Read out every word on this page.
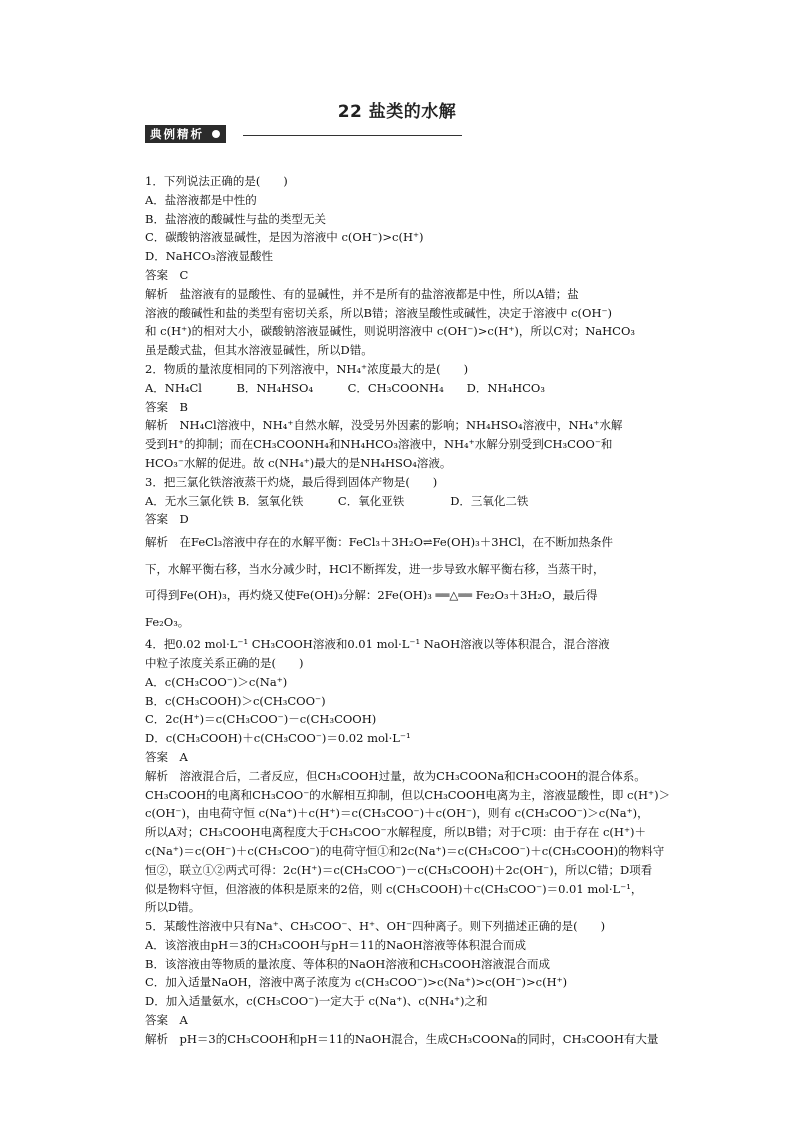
22 盐类的水解
典例精析
1．下列说法正确的是(　　)
A．盐溶液都是中性的
B．盐溶液的酸碱性与盐的类型无关
C．碳酸钠溶液显碱性，是因为溶液中 c(OH⁻)>c(H⁺)
D．NaHCO₃溶液显酸性
答案　C
解析　盐溶液有的显酸性、有的显碱性，并不是所有的盐溶液都是中性，所以A错；盐
溶液的酸碱性和盐的类型有密切关系，所以B错；溶液呈酸性或碱性，决定于溶液中 c(OH⁻)
和 c(H⁺)的相对大小，碳酸钠溶液显碱性，则说明溶液中 c(OH⁻)>c(H⁺)，所以C对；NaHCO₃
虽是酸式盐，但其水溶液显碱性，所以D错。
2．物质的量浓度相同的下列溶液中，NH₄⁺浓度最大的是(　　)
A．NH₄Cl　　　B．NH₄HSO₄　　　C．CH₃COONH₄　　D．NH₄HCO₃
答案　B
解析　NH₄Cl溶液中，NH₄⁺自然水解，没受另外因素的影响；NH₄HSO₄溶液中，NH₄⁺水解
受到H⁺的抑制；而在CH₃COONH₄和NH₄HCO₃溶液中，NH₄⁺水解分别受到CH₃COO⁻和
HCO₃⁻水解的促进。故 c(NH₄⁺)最大的是NH₄HSO₄溶液。
3．把三氯化铁溶液蒸干灼烧，最后得到固体产物是(　　)
A．无水三氯化铁 B．氢氧化铁　　　C．氧化亚铁　　　　D．三氧化二铁
答案　D
解析　在FeCl₃溶液中存在的水解平衡：FeCl₃＋3H₂O⇌Fe(OH)₃＋3HCl，在不断加热条件
下，水解平衡右移，当水分减少时，HCl不断挥发，进一步导致水解平衡右移，当蒸干时，
可得到Fe(OH)₃，再灼烧又使Fe(OH)₃分解：2Fe(OH)₃ ══△══ Fe₂O₃＋3H₂O，最后得
Fe₂O₃。
4．把0.02 mol·L⁻¹ CH₃COOH溶液和0.01 mol·L⁻¹ NaOH溶液以等体积混合，混合溶液
中粒子浓度关系正确的是(　　)
A．c(CH₃COO⁻)＞c(Na⁺)
B．c(CH₃COOH)＞c(CH₃COO⁻)
C．2c(H⁺)＝c(CH₃COO⁻)－c(CH₃COOH)
D．c(CH₃COOH)＋c(CH₃COO⁻)＝0.02 mol·L⁻¹
答案　A
解析　溶液混合后，二者反应，但CH₃COOH过量，故为CH₃COONa和CH₃COOH的混合体系。
CH₃COOH的电离和CH₃COO⁻的水解相互抑制，但以CH₃COOH电离为主，溶液显酸性，即 c(H⁺)＞
c(OH⁻)，由电荷守恒 c(Na⁺)＋c(H⁺)＝c(CH₃COO⁻)＋c(OH⁻)，则有 c(CH₃COO⁻)＞c(Na⁺)，
所以A对；CH₃COOH电离程度大于CH₃COO⁻水解程度，所以B错；对于C项：由于存在 c(H⁺)＋
c(Na⁺)＝c(OH⁻)＋c(CH₃COO⁻)的电荷守恒①和2c(Na⁺)＝c(CH₃COO⁻)＋c(CH₃COOH)的物料守
恒②，联立①②两式可得：2c(H⁺)＝c(CH₃COO⁻)－c(CH₃COOH)＋2c(OH⁻)，所以C错；D项看
似是物料守恒，但溶液的体积是原来的2倍，则 c(CH₃COOH)＋c(CH₃COO⁻)＝0.01 mol·L⁻¹，
所以D错。
5．某酸性溶液中只有Na⁺、CH₃COO⁻、H⁺、OH⁻四种离子。则下列描述正确的是(　　)
A．该溶液由pH＝3的CH₃COOH与pH＝11的NaOH溶液等体积混合而成
B．该溶液由等物质的量浓度、等体积的NaOH溶液和CH₃COOH溶液混合而成
C．加入适量NaOH，溶液中离子浓度为 c(CH₃COO⁻)>c(Na⁺)>c(OH⁻)>c(H⁺)
D．加入适量氨水，c(CH₃COO⁻)一定大于 c(Na⁺)、c(NH₄⁺)之和
答案　A
解析　pH＝3的CH₃COOH和pH＝11的NaOH混合，生成CH₃COONa的同时，CH₃COOH有大量
